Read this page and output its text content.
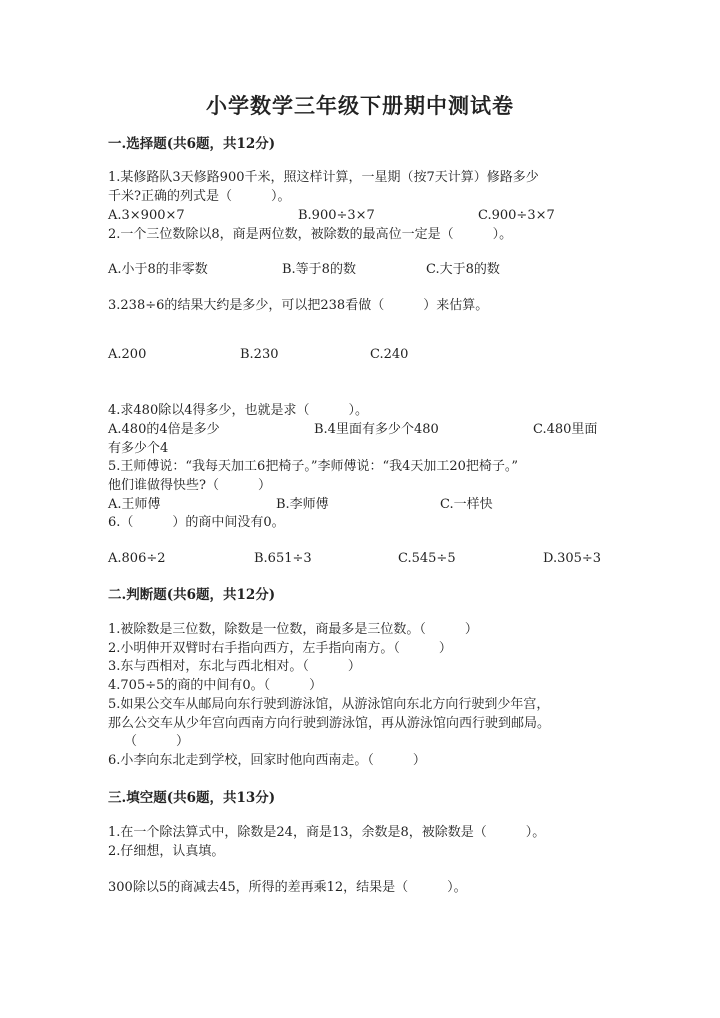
小学数学三年级下册期中测试卷
一.选择题(共6题，共12分)
1.某修路队3天修路900千米，照这样计算，一星期（按7天计算）修路多少
千米?正确的列式是（　　　）。
A.3×900×7	B.900÷3×7	C.900÷3×7
2.一个三位数除以8，商是两位数，被除数的最高位一定是（　　　）。
A.小于8的非零数	B.等于8的数	C.大于8的数
3.238÷6的结果大约是多少，可以把238看做（　　　）来估算。
A.200	B.230	C.240
4.求480除以4得多少，也就是求（　　　）。
A.480的4倍是多少	B.4里面有多少个480	C.480里面
有多少个4
5.王师傅说：“我每天加工6把椅子。”李师傅说：“我4天加工20把椅子。”
他们谁做得快些?（　　　）
A.王师傅	B.李师傅	C.一样快
6.（　　　）的商中间没有0。
A.806÷2	B.651÷3	C.545÷5	D.305÷3
二.判断题(共6题，共12分)
1.被除数是三位数，除数是一位数，商最多是三位数。（　　　）
2.小明伸开双臂时右手指向西方，左手指向南方。（　　　）
3.东与西相对，东北与西北相对。（　　　）
4.705÷5的商的中间有0。（　　　）
5.如果公交车从邮局向东行驶到游泳馆，从游泳馆向东北方向行驶到少年宫，
那么公交车从少年宫向西南方向行驶到游泳馆，再从游泳馆向西行驶到邮局。
（　　　）
6.小李向东北走到学校，回家时他向西南走。（　　　）
三.填空题(共6题，共13分)
1.在一个除法算式中，除数是24，商是13，余数是8，被除数是（　　　）。
2.仔细想，认真填。
300除以5的商减去45，所得的差再乘12，结果是（　　　）。
